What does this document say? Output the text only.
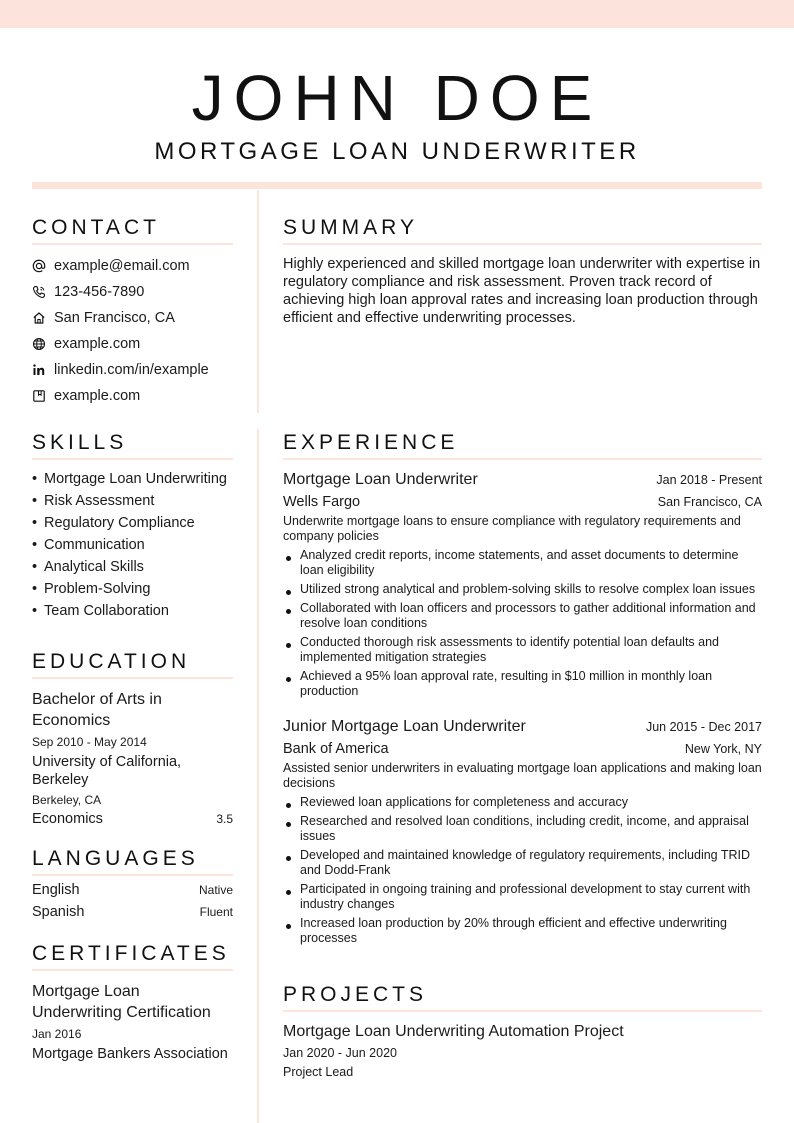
JOHN DOE
MORTGAGE LOAN UNDERWRITER
CONTACT
example@email.com
123-456-7890
San Francisco, CA
example.com
linkedin.com/in/example
example.com
SUMMARY

Highly experienced and skilled mortgage loan underwriter with expertise in regulatory compliance and risk assessment. Proven track record of achieving high loan approval rates and increasing loan production through efficient and effective underwriting processes.

SKILLS
• Mortgage Loan Underwriting
• Risk Assessment
• Regulatory Compliance
• Communication
• Analytical Skills
• Problem-Solving
• Team Collaboration
EDUCATION
Bachelor of Arts in Economics
Sep 2010 - May 2014
University of California, Berkeley
Berkeley, CA
Economics	3.5
LANGUAGES
English	Native
Spanish	Fluent
CERTIFICATES
Mortgage Loan Underwriting Certification
Jan 2016
Mortgage Bankers Association
EXPERIENCE
Mortgage Loan Underwriter	Jan 2018 - Present
Wells Fargo	San Francisco, CA
Underwrite mortgage loans to ensure compliance with regulatory requirements and company policies
Analyzed credit reports, income statements, and asset documents to determine loan eligibility
Utilized strong analytical and problem-solving skills to resolve complex loan issues
Collaborated with loan officers and processors to gather additional information and resolve loan conditions
Conducted thorough risk assessments to identify potential loan defaults and implemented mitigation strategies
Achieved a 95% loan approval rate, resulting in $10 million in monthly loan production
Junior Mortgage Loan Underwriter	Jun 2015 - Dec 2017
Bank of America	New York, NY
Assisted senior underwriters in evaluating mortgage loan applications and making loan decisions
Reviewed loan applications for completeness and accuracy
Researched and resolved loan conditions, including credit, income, and appraisal issues
Developed and maintained knowledge of regulatory requirements, including TRID and Dodd-Frank
Participated in ongoing training and professional development to stay current with industry changes
Increased loan production by 20% through efficient and effective underwriting processes
PROJECTS
Mortgage Loan Underwriting Automation Project
Jan 2020 - Jun 2020
Project Lead
